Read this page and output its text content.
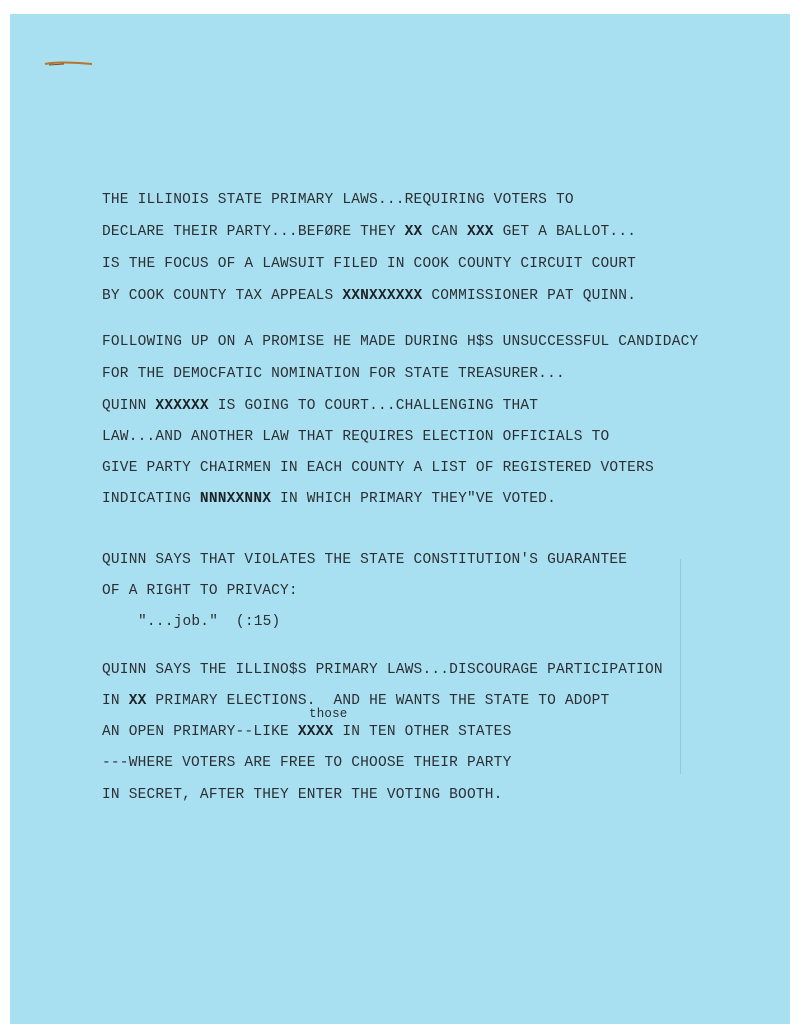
THE ILLINOIS STATE PRIMARY LAWS...REQUIRING VOTERS TO
DECLARE THEIR PARTY...BEFØRE THEY XX CAN XXX GET A BALLOT...
IS THE FOCUS OF A LAWSUIT FILED IN COOK COUNTY CIRCUIT COURT
BY COOK COUNTY TAX APPEALS XXNXXXXXX COMMISSIONER PAT QUINN.
FOLLOWING UP ON A PROMISE HE MADE DURING H$S UNSUCCESSFUL CANDIDACY
FOR THE DEMOCFATIC NOMINATION FOR STATE TREASURER...
QUINN XXXXXX IS GOING TO COURT...CHALLENGING THAT
LAW...AND ANOTHER LAW THAT REQUIRES ELECTION OFFICIALS TO
GIVE PARTY CHAIRMEN IN EACH COUNTY A LIST OF REGISTERED VOTERS
INDICATING NNNXXNNX IN WHICH PRIMARY THEY"VE VOTED.
QUINN SAYS THAT VIOLATES THE STATE CONSTITUTION'S GUARANTEE
OF A RIGHT TO PRIVACY:
"...job."  (:15)
QUINN SAYS THE ILLINO$S PRIMARY LAWS...DISCOURAGE PARTICIPATION
IN XX PRIMARY ELECTIONS.  AND HE WANTS THE STATE TO ADOPT
those
AN OPEN PRIMARY--LIKE XXXX IN TEN OTHER STATES
---WHERE VOTERS ARE FREE TO CHOOSE THEIR PARTY
IN SECRET, AFTER THEY ENTER THE VOTING BOOTH.
